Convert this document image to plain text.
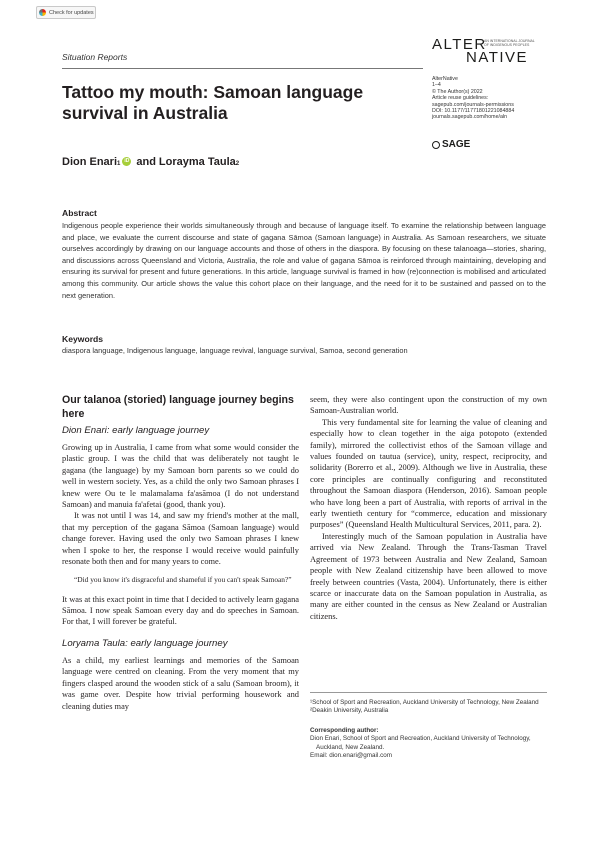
Check for updates
Situation Reports
ALTER
AN INTERNATIONAL JOURNAL OF INDIGENOUS PEOPLES
NATIVE
AlterNative
1–4
© The Author(s) 2022
Article reuse guidelines:
sagepub.com/journals-permissions
DOI: 10.1177/11771801221084884
journals.sagepub.com/home/aln
SAGE
Tattoo my mouth: Samoan language survival in Australia
Dion Enari 1 iD and Lorayma Taula 2
Abstract
Indigenous people experience their worlds simultaneously through and because of language itself. To examine the relationship between language and place, we evaluate the current discourse and state of gagana Sāmoa (Samoan language) in Australia. As Samoan researchers, we situate ourselves accordingly by drawing on our language accounts and those of others in the diaspora. By focusing on these talanoaga—stories, sharing, and discussions across Queensland and Victoria, Australia, the role and value of gagana Sāmoa is reinforced through maintaining, developing and ensuring its survival for present and future generations. In this article, language survival is framed in how (re)connection is mobilised and articulated among this community. Our article shows the value this cohort place on their language, and the need for it to be sustained and passed on to the next generation.
Keywords
diaspora language, Indigenous language, language revival, language survival, Samoa, second generation
Our talanoa (storied) language journey begins here
Dion Enari: early language journey

Growing up in Australia, I came from what some would consider the plastic group. I was the child that was deliberately not taught le gagana (the language) by my Samoan born parents so we could do well in western society. Yes, as a child the only two Samoan phrases I knew were Ou te le malamalama fa'asāmoa (I do not understand Samoan) and manuia fa'afetai (good, thank you).

It was not until I was 14, and saw my friend's mother at the mall, that my perception of the gagana Sāmoa (Samoan language) would change forever. Having used the only two Samoan phrases I knew when I spoke to her, the response I would receive would painfully resonate both then and for many years to come.

“Did you know it's disgraceful and shameful if you can't speak Samoan?”

It was at this exact point in time that I decided to actively learn gagana Sāmoa. I now speak Samoan every day and do speeches in Samoan. For that, I will forever be grateful.

Loryama Taula: early language journey

As a child, my earliest learnings and memories of the Samoan language were centred on cleaning. From the very moment that my fingers clasped around the wooden stick of a salu (Samoan broom), it was game over. Despite how trivial performing housework and cleaning duties may

seem, they were also contingent upon the construction of my own Samoan-Australian world.

This very fundamental site for learning the value of cleaning and especially how to clean together in the aiga potopoto (extended family), mirrored the collectivist ethos of the Samoan village and values founded on tautua (service), unity, respect, reciprocity, and solidarity (Borerro et al., 2009). Although we live in Australia, these core principles are continually configuring and reconstituted throughout the Samoan diaspora (Henderson, 2016). Samoan people who have long been a part of Australia, with reports of arrival in the early twentieth century for “commerce, education and missionary purposes” (Queensland Health Multicultural Services, 2011, para. 2).

Interestingly much of the Samoan population in Australia have arrived via New Zealand. Through the Trans-Tasman Travel Agreement of 1973 between Australia and New Zealand, Samoan people with New Zealand citizenship have been allowed to move freely between countries (Vasta, 2004). Unfortunately, there is either scarce or inaccurate data on the Samoan population in Australia, as many are either counted in the census as New Zealand or Australian citizens.

¹School of Sport and Recreation, Auckland University of Technology, New Zealand

²Deakin University, Australia

Corresponding author:

Dion Enari, School of Sport and Recreation, Auckland University of Technology, Auckland, New Zealand.

Email: dion.enari@gmail.com
